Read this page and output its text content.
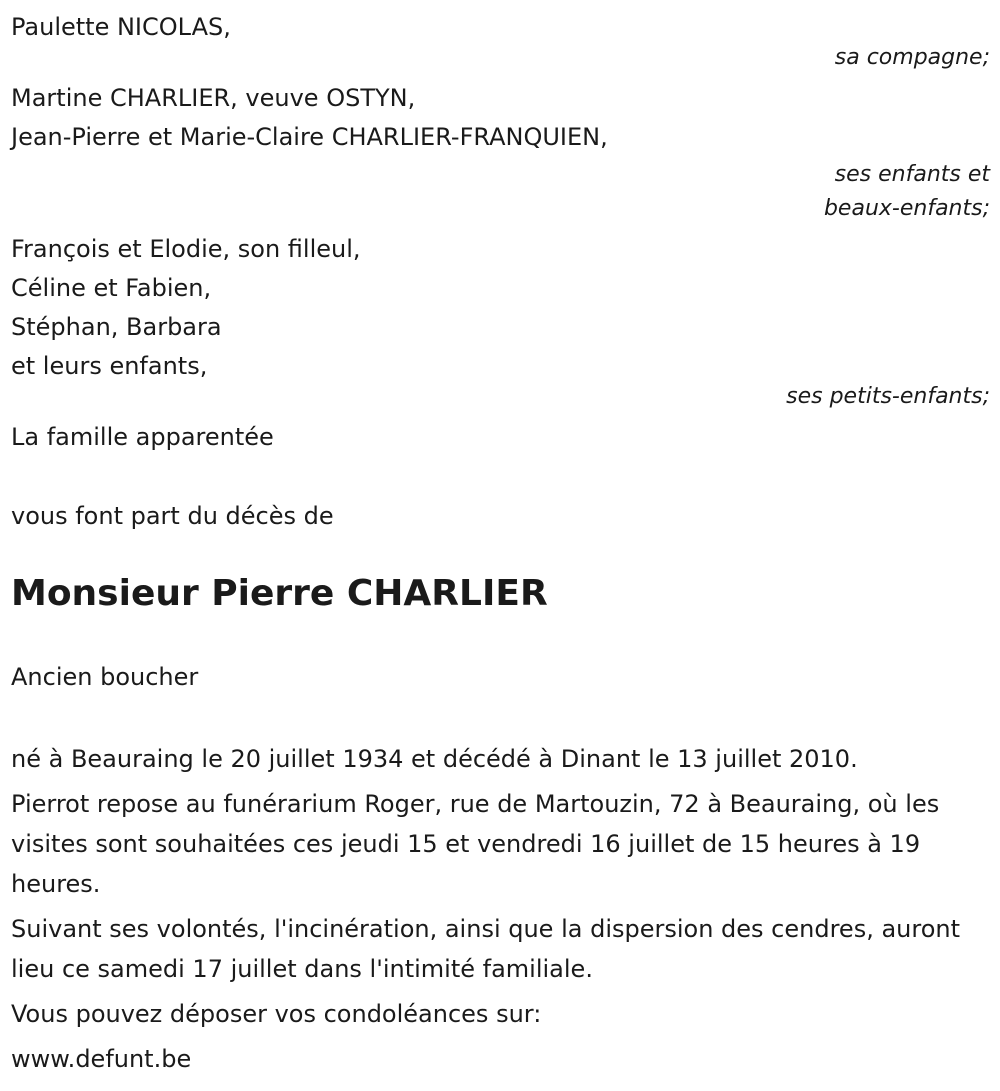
Paulette NICOLAS,
sa compagne;
Martine CHARLIER, veuve OSTYN,
Jean-Pierre et Marie-Claire CHARLIER-FRANQUIEN,
ses enfants et
beaux-enfants;
François et Elodie, son filleul,
Céline et Fabien,
Stéphan, Barbara
et leurs enfants,
ses petits-enfants;
La famille apparentée
vous font part du décès de
Monsieur Pierre CHARLIER
Ancien boucher
né à Beauraing le 20 juillet 1934 et décédé à Dinant le 13 juillet 2010.
Pierrot repose au funérarium Roger, rue de Martouzin, 72 à Beauraing, où les visites sont souhaitées ces jeudi 15 et vendredi 16 juillet de 15 heures à 19 heures.
Suivant ses volontés, l'incinération, ainsi que la dispersion des cendres, auront lieu ce samedi 17 juillet dans l'intimité familiale.
Vous pouvez déposer vos condoléances sur:
www.defunt.be
